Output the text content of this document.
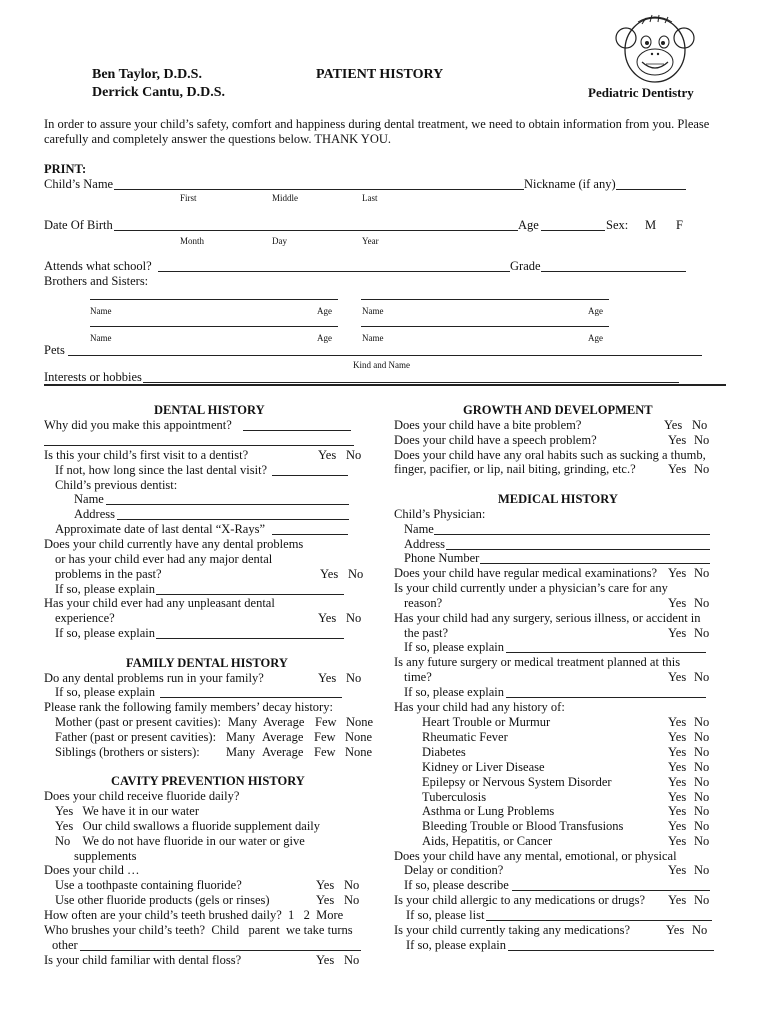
Ben Taylor, D.D.S.
Derrick Cantu, D.D.S.
PATIENT HISTORY
Pediatric Dentistry
In order to assure your child’s safety, comfort and happiness during dental treatment, we need to obtain information from you. Please
carefully and completely answer the questions below. THANK YOU.
PRINT:
Child’s Name	Nickname (if any)
First	Middle	Last
Date Of Birth	Age	Sex: M F
Month	Day	Year
Attends what school?	Grade
Brothers and Sisters:
Name	Age	Name	Age
Name	Age	Name	Age
Pets
Kind and Name
Interests or hobbies
DENTAL HISTORY
Why did you make this appointment?
Is this your child’s first visit to a dentist?	Yes No
If not, how long since the last dental visit?
Child’s previous dentist:
Name
Address
Approximate date of last dental “X-Rays”
Does your child currently have any dental problems
or has your child ever had any major dental
problems in the past?	Yes No
If so, please explain
Has your child ever had any unpleasant dental
experience?	Yes No
If so, please explain
FAMILY DENTAL HISTORY
Do any dental problems run in your family?	Yes No
If so, please explain
Please rank the following family members’ decay history:
Mother (past or present cavities): Many Average Few None
Father (past or present cavities): Many Average Few None
Siblings (brothers or sisters): Many Average Few None
CAVITY PREVENTION HISTORY
Does your child receive fluoride daily?
Yes   We have it in our water
Yes   Our child swallows a fluoride supplement daily
No    We do not have fluoride in our water or give
supplements
Does your child …
Use a toothpaste containing fluoride?	Yes No
Use other fluoride products (gels or rinses)	Yes No
How often are your child’s teeth brushed daily?  1   2  More
Who brushes your child’s teeth?  Child   parent  we take turns
other
Is your child familiar with dental floss?	Yes No
GROWTH AND DEVELOPMENT
Does your child have a bite problem?	Yes No
Does your child have a speech problem?	Yes No
Does your child have any oral habits such as sucking a thumb,
finger, pacifier, or lip, nail biting, grinding, etc.?	Yes No
MEDICAL HISTORY
Child’s Physician:
Name
Address
Phone Number
Does your child have regular medical examinations? Yes No
Is your child currently under a physician’s care for any
reason?	Yes No
Has your child had any surgery, serious illness, or accident in
the past?	Yes No
If so, please explain
Is any future surgery or medical treatment planned at this
time?	Yes No
If so, please explain
Has your child had any history of:
Heart Trouble or Murmur	Yes No
Rheumatic Fever	Yes No
Diabetes	Yes No
Kidney or Liver Disease	Yes No
Epilepsy or Nervous System Disorder	Yes No
Tuberculosis	Yes No
Asthma or Lung Problems	Yes No
Bleeding Trouble or Blood Transfusions	Yes No
Aids, Hepatitis, or Cancer	Yes No
Does your child have any mental, emotional, or physical
Delay or condition?	Yes No
If so, please describe
Is your child allergic to any medications or drugs? Yes No
If so, please list
Is your child currently taking any medications?	Yes No
If so, please explain
